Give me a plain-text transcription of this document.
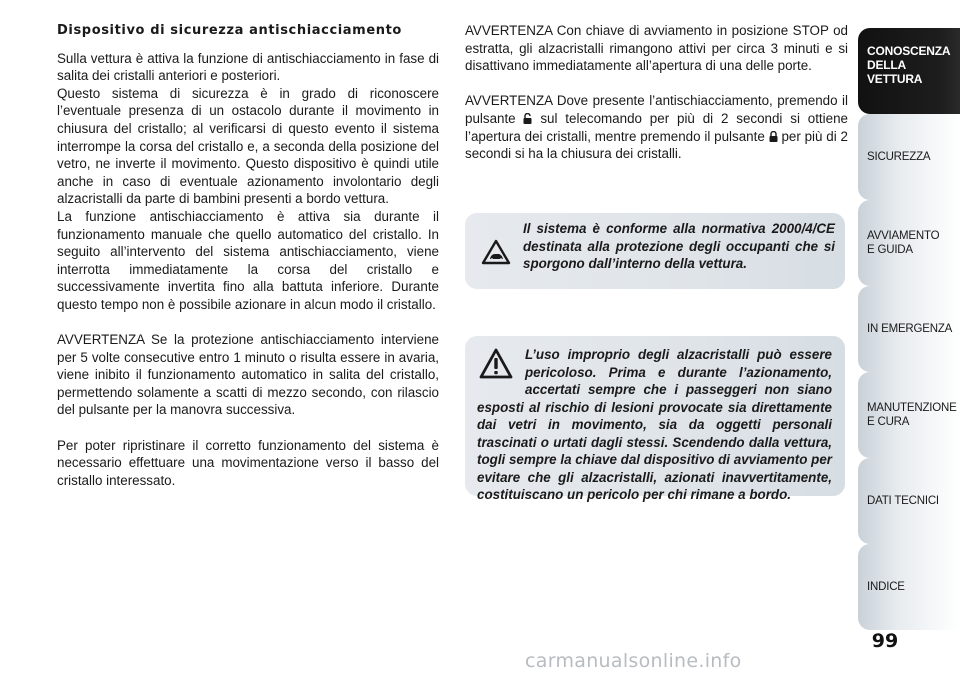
Dispositivo di sicurezza antischiacciamento

Sulla vettura è attiva la funzione di antischiacciamento in fase di salita dei cristalli anteriori e posteriori.

Questo sistema di sicurezza è in grado di riconoscere l’eventuale presenza di un ostacolo durante il movimento in chiusura del cristallo; al verificarsi di questo evento il sistema interrompe la corsa del cristallo e, a seconda della posizione del vetro, ne inverte il movimento. Questo dispositivo è quindi utile anche in caso di eventuale azionamento involontario degli alzacristalli da parte di bambini presenti a bordo vettura.

La funzione antischiacciamento è attiva sia durante il funzionamento manuale che quello automatico del cristallo. In seguito all’intervento del sistema antischiacciamento, viene interrotta immediatamente la corsa del cristallo e successivamente invertita fino alla battuta inferiore. Durante questo tempo non è possibile azionare in alcun modo il cristallo.

AVVERTENZA Se la protezione antischiacciamento interviene per 5 volte consecutive entro 1 minuto o risulta essere in avaria, viene inibito il funzionamento automatico in salita del cristallo, permettendo solamente a scatti di mezzo secondo, con rilascio del pulsante per la manovra successiva.

Per poter ripristinare il corretto funzionamento del sistema è necessario effettuare una movimentazione verso il basso del cristallo interessato.

AVVERTENZA Con chiave di avviamento in posizione STOP od estratta, gli alzacristalli rimangono attivi per circa 3 minuti e si disattivano immediatamente all’apertura di una delle porte.

AVVERTENZA Dove presente l’antischiacciamento, premendo il pulsante sul telecomando per più di 2 secondi si ottiene l’apertura dei cristalli, mentre premendo il pulsante per più di 2 secondi si ha la chiusura dei cristalli.

Il sistema è conforme alla normativa 2000/4/CE destinata alla protezione degli occupanti che si sporgono dall’interno della vettura.
L’uso improprio degli alzacristalli può essere pericoloso. Prima e durante l’azionamento, accertati sempre che i passeggeri non siano esposti al rischio di lesioni provocate sia direttamente dai vetri in movimento, sia da oggetti personali trascinati o urtati dagli stessi. Scendendo dalla vettura, togli sempre la chiave dal dispositivo di avviamento per evitare che gli alzacristalli, azionati inavvertitamente, costituiscano un pericolo per chi rimane a bordo.
CONOSCENZA
DELLA
VETTURA
SICUREZZA
AVVIAMENTO
E GUIDA
IN EMERGENZA
MANUTENZIONE
E CURA
DATI TECNICI
INDICE
99
carmanualsonline.info
